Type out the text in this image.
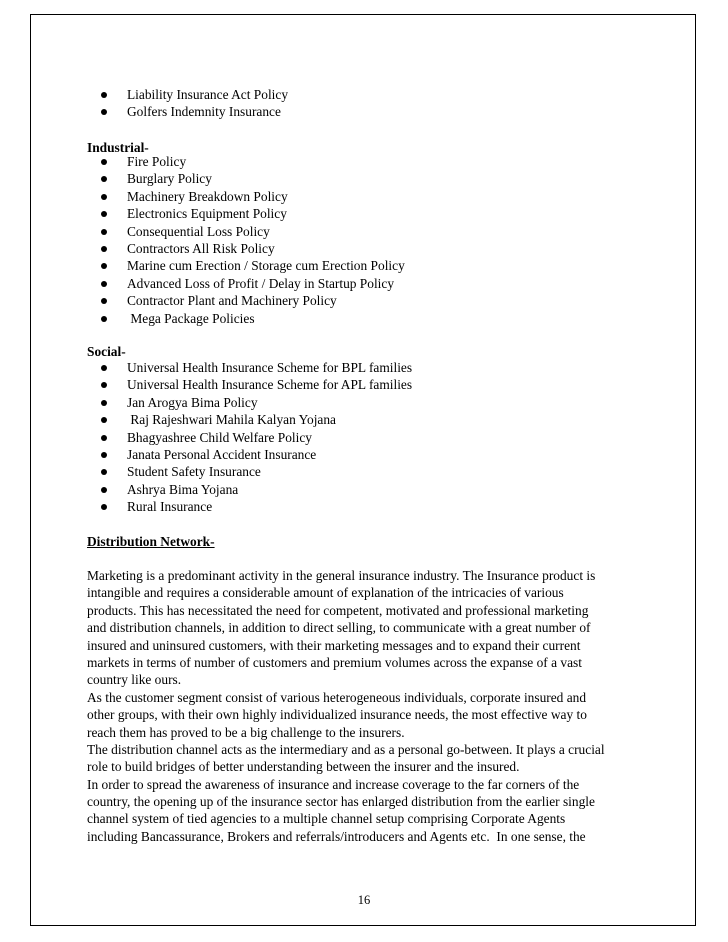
Liability Insurance Act Policy
Golfers Indemnity Insurance
Industrial-
Fire Policy
Burglary Policy
Machinery Breakdown Policy
Electronics Equipment Policy
Consequential Loss Policy
Contractors All Risk Policy
Marine cum Erection / Storage cum Erection Policy
Advanced Loss of Profit / Delay in Startup Policy
Contractor Plant and Machinery Policy
Mega Package Policies
Social-
Universal Health Insurance Scheme for BPL families
Universal Health Insurance Scheme for APL families
Jan Arogya Bima Policy
Raj Rajeshwari Mahila Kalyan Yojana
Bhagyashree Child Welfare Policy
Janata Personal Accident Insurance
Student Safety Insurance
Ashrya Bima Yojana
Rural Insurance
Distribution Network-
Marketing is a predominant activity in the general insurance industry. The Insurance product is
intangible and requires a considerable amount of explanation of the intricacies of various
products. This has necessitated the need for competent, motivated and professional marketing
and distribution channels, in addition to direct selling, to communicate with a great number of
insured and uninsured customers, with their marketing messages and to expand their current
markets in terms of number of customers and premium volumes across the expanse of a vast
country like ours.
As the customer segment consist of various heterogeneous individuals, corporate insured and
other groups, with their own highly individualized insurance needs, the most effective way to
reach them has proved to be a big challenge to the insurers.
The distribution channel acts as the intermediary and as a personal go-between. It plays a crucial
role to build bridges of better understanding between the insurer and the insured.
In order to spread the awareness of insurance and increase coverage to the far corners of the
country, the opening up of the insurance sector has enlarged distribution from the earlier single
channel system of tied agencies to a multiple channel setup comprising Corporate Agents
including Bancassurance, Brokers and referrals/introducers and Agents etc.  In one sense, the
16
